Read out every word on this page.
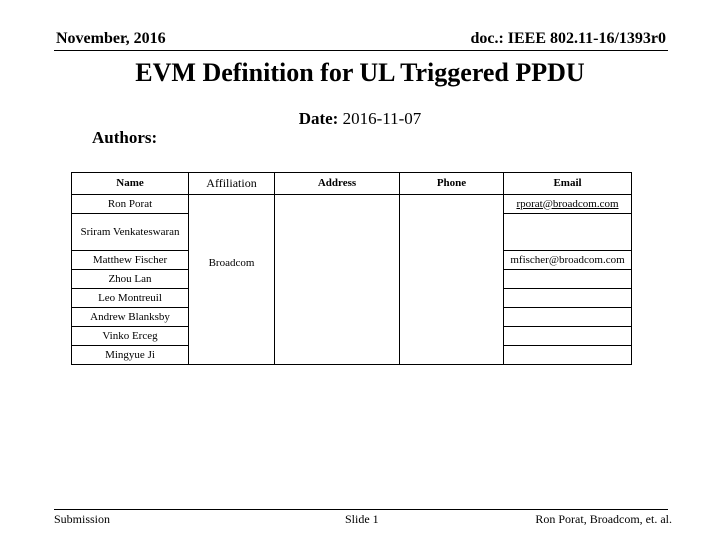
November, 2016	doc.: IEEE 802.11-16/1393r0
EVM Definition for UL Triggered PPDU
Date: 2016-11-07
Authors:
Name	Affiliation	Address	Phone	Email
Ron Porat	Broadcom			rporat@broadcom.com
Sriram Venkateswaran				
Matthew Fischer				mfischer@broadcom.com
Zhou Lan				
Leo Montreuil				
Andrew Blanksby				
Vinko Erceg				
Mingyue Ji				
Submission	Slide 1	Ron Porat, Broadcom, et. al.
